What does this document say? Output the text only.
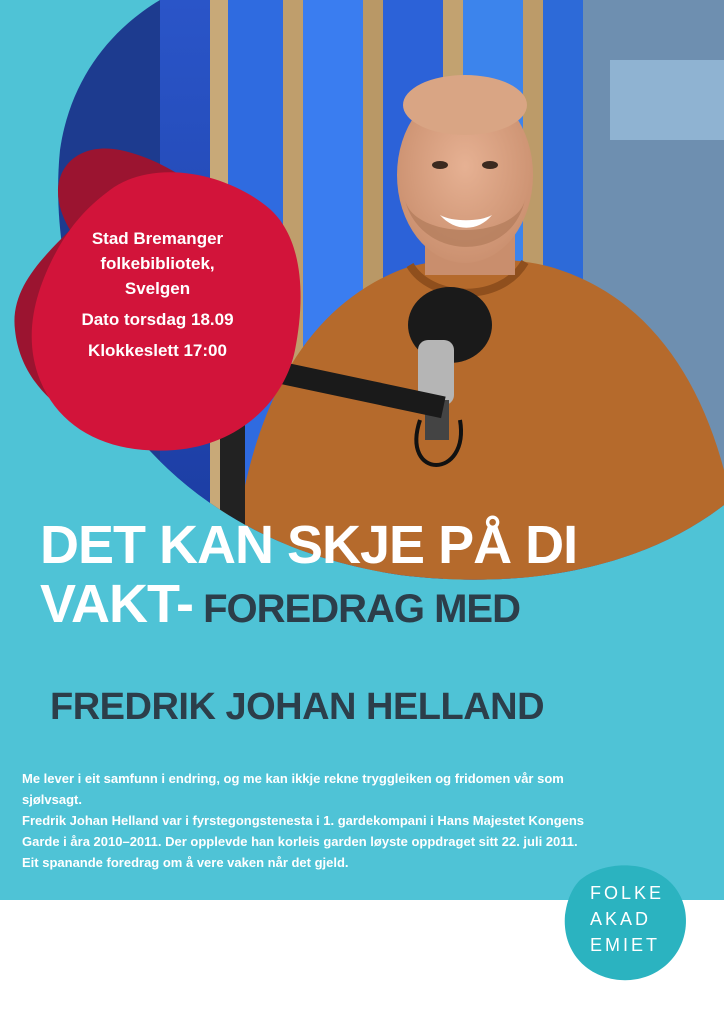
Stad Bremanger
folkebibliotek,
Svelgen
Dato torsdag 18.09
Klokkeslett 17:00
DET KAN SKJE PÅ DI
VAKT- FOREDRAG MED
FREDRIK JOHAN HELLAND
Me lever i eit samfunn i endring, og me kan ikkje rekne tryggleiken og fridomen vår som
sjølvsagt.
Fredrik Johan Helland var i fyrstegongstenesta i 1. gardekompani i Hans Majestet Kongens
Garde i åra 2010–2011. Der opplevde han korleis garden løyste oppdraget sitt 22. juli 2011.
Eit spanande foredrag om å vere vaken når det gjeld.
FOLKE
AKAD
EMIET
